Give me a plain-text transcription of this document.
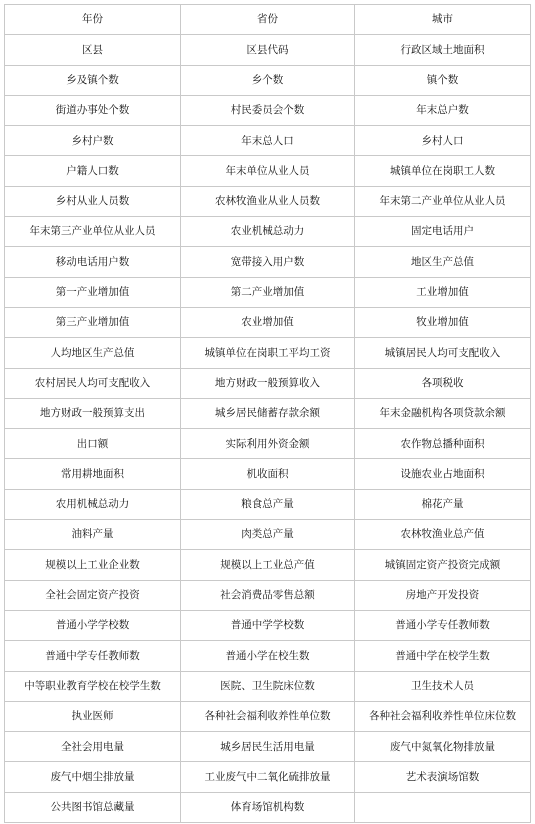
年份	省份	城市
区县	区县代码	行政区域土地面积
乡及镇个数	乡个数	镇个数
街道办事处个数	村民委员会个数	年末总户数
乡村户数	年末总人口	乡村人口
户籍人口数	年末单位从业人员	城镇单位在岗职工人数
乡村从业人员数	农林牧渔业从业人员数	年末第二产业单位从业人员
年末第三产业单位从业人员	农业机械总动力	固定电话用户
移动电话用户数	宽带接入用户数	地区生产总值
第一产业增加值	第二产业增加值	工业增加值
第三产业增加值	农业增加值	牧业增加值
人均地区生产总值	城镇单位在岗职工平均工资	城镇居民人均可支配收入
农村居民人均可支配收入	地方财政一般预算收入	各项税收
地方财政一般预算支出	城乡居民储蓄存款余额	年末金融机构各项贷款余额
出口额	实际利用外资金额	农作物总播种面积
常用耕地面积	机收面积	设施农业占地面积
农用机械总动力	粮食总产量	棉花产量
油料产量	肉类总产量	农林牧渔业总产值
规模以上工业企业数	规模以上工业总产值	城镇固定资产投资完成额
全社会固定资产投资	社会消费品零售总额	房地产开发投资
普通小学学校数	普通中学学校数	普通小学专任教师数
普通中学专任教师数	普通小学在校生数	普通中学在校学生数
中等职业教育学校在校学生数	医院、卫生院床位数	卫生技术人员
执业医师	各种社会福利收养性单位数	各种社会福利收养性单位床位数
全社会用电量	城乡居民生活用电量	废气中氮氧化物排放量
废气中烟尘排放量	工业废气中二氧化硫排放量	艺术表演场馆数
公共图书馆总藏量	体育场馆机构数	
